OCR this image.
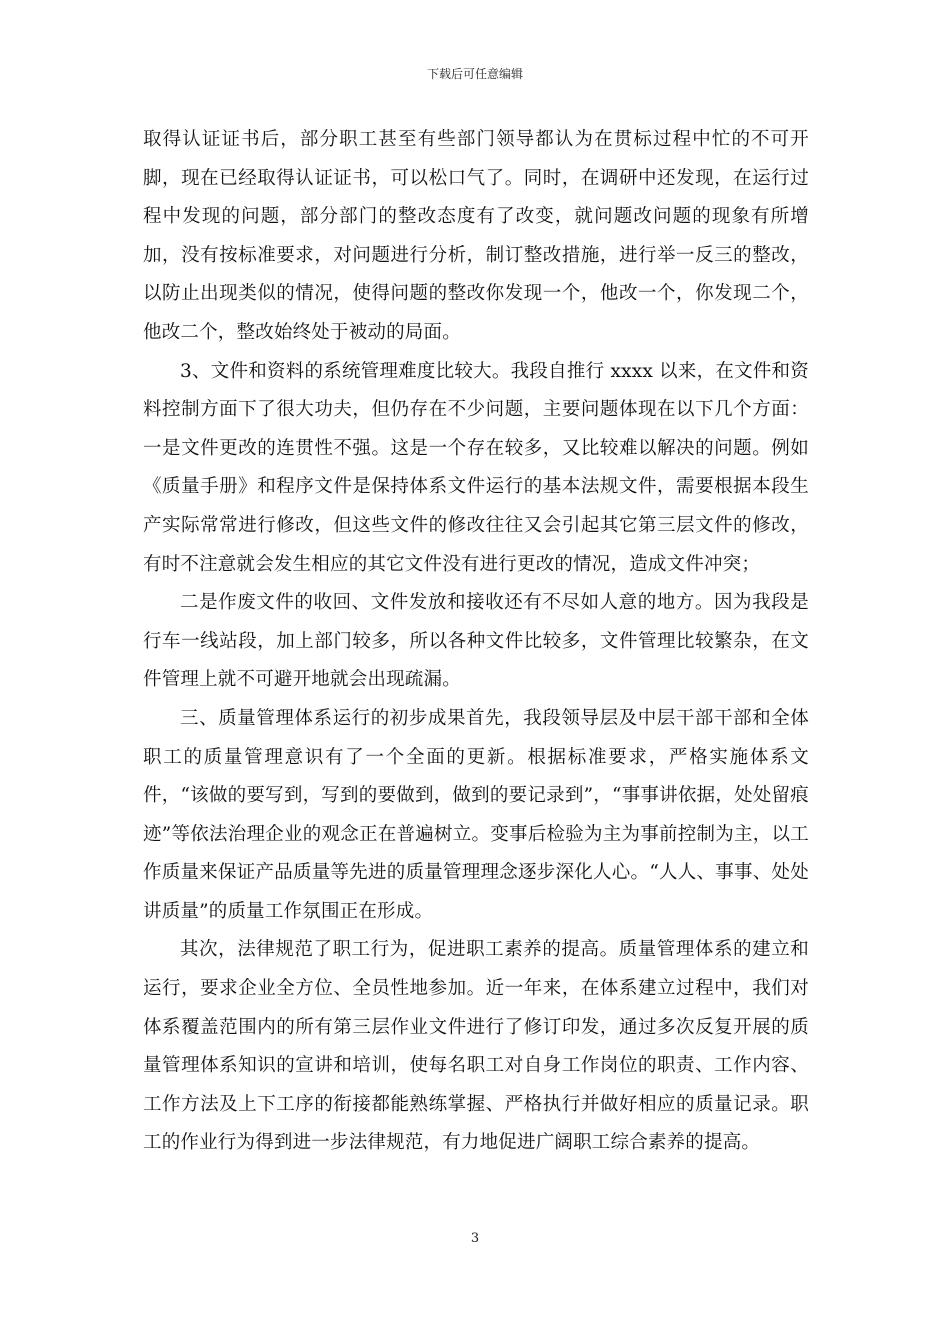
下载后可任意编辑

取得认证证书后，部分职工甚至有些部门领导都认为在贯标过程中忙的不可开脚，现在已经取得认证证书，可以松口气了。同时，在调研中还发现，在运行过程中发现的问题，部分部门的整改态度有了改变，就问题改问题的现象有所增加，没有按标准要求，对问题进行分析，制订整改措施，进行举一反三的整改，以防止出现类似的情况，使得问题的整改你发现一个，他改一个，你发现二个，他改二个，整改始终处于被动的局面。

3、文件和资料的系统管理难度比较大。我段自推行 xxxx 以来，在文件和资料控制方面下了很大功夫，但仍存在不少问题，主要问题体现在以下几个方面：一是文件更改的连贯性不强。这是一个存在较多，又比较难以解决的问题。例如《质量手册》和程序文件是保持体系文件运行的基本法规文件，需要根据本段生产实际常常进行修改，但这些文件的修改往往又会引起其它第三层文件的修改，有时不注意就会发生相应的其它文件没有进行更改的情况，造成文件冲突；

二是作废文件的收回、文件发放和接收还有不尽如人意的地方。因为我段是行车一线站段，加上部门较多，所以各种文件比较多，文件管理比较繁杂，在文件管理上就不可避开地就会出现疏漏。

三、质量管理体系运行的初步成果首先，我段领导层及中层干部干部和全体职工的质量管理意识有了一个全面的更新。根据标准要求，严格实施体系文件，“该做的要写到，写到的要做到，做到的要记录到”，“事事讲依据，处处留痕迹”等依法治理企业的观念正在普遍树立。变事后检验为主为事前控制为主，以工作质量来保证产品质量等先进的质量管理理念逐步深化人心。“人人、事事、处处讲质量”的质量工作氛围正在形成。

其次，法律规范了职工行为，促进职工素养的提高。质量管理体系的建立和运行，要求企业全方位、全员性地参加。近一年来，在体系建立过程中，我们对体系覆盖范围内的所有第三层作业文件进行了修订印发，通过多次反复开展的质量管理体系知识的宣讲和培训，使每名职工对自身工作岗位的职责、工作内容、工作方法及上下工序的衔接都能熟练掌握、严格执行并做好相应的质量记录。职工的作业行为得到进一步法律规范，有力地促进广阔职工综合素养的提高。

3
